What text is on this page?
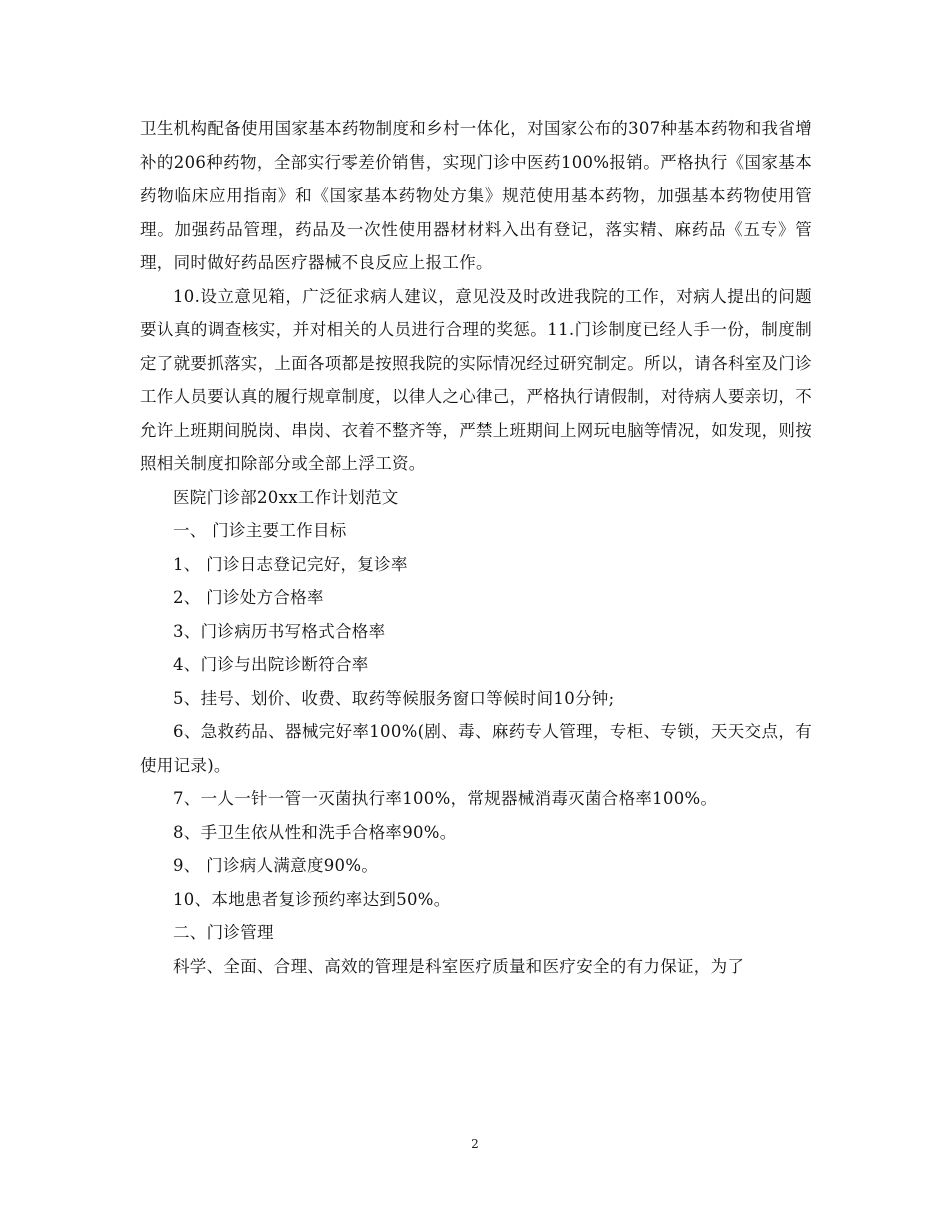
卫生机构配备使用国家基本药物制度和乡村一体化，对国家公布的307种基本药物和我省增补的206种药物，全部实行零差价销售，实现门诊中医药100%报销。严格执行《国家基本药物临床应用指南》和《国家基本药物处方集》规范使用基本药物，加强基本药物使用管理。加强药品管理，药品及一次性使用器材材料入出有登记，落实精、麻药品《五专》管理，同时做好药品医疗器械不良反应上报工作。

10.设立意见箱，广泛征求病人建议，意见没及时改进我院的工作，对病人提出的问题要认真的调查核实，并对相关的人员进行合理的奖惩。11.门诊制度已经人手一份，制度制定了就要抓落实，上面各项都是按照我院的实际情况经过研究制定。所以，请各科室及门诊工作人员要认真的履行规章制度，以律人之心律己，严格执行请假制，对待病人要亲切，不允许上班期间脱岗、串岗、衣着不整齐等，严禁上班期间上网玩电脑等情况，如发现，则按照相关制度扣除部分或全部上浮工资。

医院门诊部20xx工作计划范文

一、 门诊主要工作目标

1、 门诊日志登记完好，复诊率

2、 门诊处方合格率

3、门诊病历书写格式合格率

4、门诊与出院诊断符合率

5、挂号、划价、收费、取药等候服务窗口等候时间10分钟;

6、急救药品、器械完好率100%(剧、毒、麻药专人管理，专柜、专锁，天天交点，有使用记录)。

7、一人一针一管一灭菌执行率100%，常规器械消毒灭菌合格率100%。

8、手卫生依从性和洗手合格率90%。

9、 门诊病人满意度90%。

10、本地患者复诊预约率达到50%。

二、门诊管理

科学、全面、合理、高效的管理是科室医疗质量和医疗安全的有力保证，为了

2
